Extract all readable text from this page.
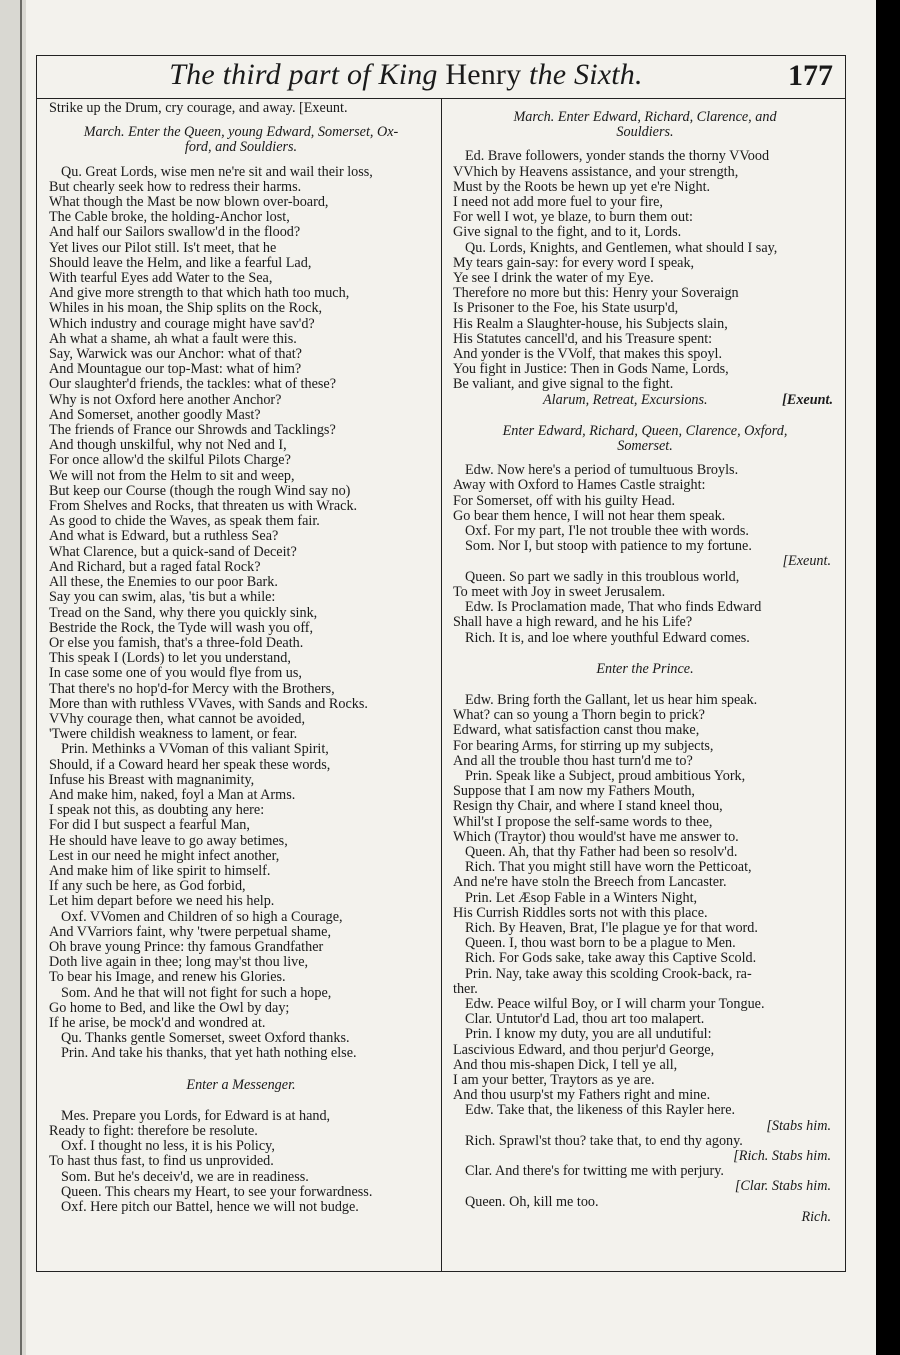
The third part of King Henry the Sixth.	177
Strike up the Drum, cry courage, and away. [Exeunt.
March. Enter the Queen, young Edward, Somerset, Ox-
ford, and Souldiers.
Qu. Great Lords, wise men ne're sit and wail their loss,
But chearly seek how to redress their harms.
What though the Mast be now blown over-board,
The Cable broke, the holding-Anchor lost,
And half our Sailors swallow'd in the flood?
Yet lives our Pilot still. Is't meet, that he
Should leave the Helm, and like a fearful Lad,
With tearful Eyes add Water to the Sea,
And give more strength to that which hath too much,
Whiles in his moan, the Ship splits on the Rock,
Which industry and courage might have sav'd?
Ah what a shame, ah what a fault were this.
Say, Warwick was our Anchor: what of that?
And Mountague our top-Mast: what of him?
Our slaughter'd friends, the tackles: what of these?
Why is not Oxford here another Anchor?
And Somerset, another goodly Mast?
The friends of France our Shrowds and Tacklings?
And though unskilful, why not Ned and I,
For once allow'd the skilful Pilots Charge?
We will not from the Helm to sit and weep,
But keep our Course (though the rough Wind say no)
From Shelves and Rocks, that threaten us with Wrack.
As good to chide the Waves, as speak them fair.
And what is Edward, but a ruthless Sea?
What Clarence, but a quick-sand of Deceit?
And Richard, but a raged fatal Rock?
All these, the Enemies to our poor Bark.
Say you can swim, alas, 'tis but a while:
Tread on the Sand, why there you quickly sink,
Bestride the Rock, the Tyde will wash you off,
Or else you famish, that's a three-fold Death.
This speak I (Lords) to let you understand,
In case some one of you would flye from us,
That there's no hop'd-for Mercy with the Brothers,
More than with ruthless VVaves, with Sands and Rocks.
VVhy courage then, what cannot be avoided,
'Twere childish weakness to lament, or fear.
Prin. Methinks a VVoman of this valiant Spirit,
Should, if a Coward heard her speak these words,
Infuse his Breast with magnanimity,
And make him, naked, foyl a Man at Arms.
I speak not this, as doubting any here:
For did I but suspect a fearful Man,
He should have leave to go away betimes,
Lest in our need he might infect another,
And make him of like spirit to himself.
If any such be here, as God forbid,
Let him depart before we need his help.
Oxf. VVomen and Children of so high a Courage,
And VVarriors faint, why 'twere perpetual shame,
Oh brave young Prince: thy famous Grandfather
Doth live again in thee; long may'st thou live,
To bear his Image, and renew his Glories.
Som. And he that will not fight for such a hope,
Go home to Bed, and like the Owl by day;
If he arise, be mock'd and wondred at.
Qu. Thanks gentle Somerset, sweet Oxford thanks.
Prin. And take his thanks, that yet hath nothing else.
Enter a Messenger.
Mes. Prepare you Lords, for Edward is at hand,
Ready to fight: therefore be resolute.
Oxf. I thought no less, it is his Policy,
To hast thus fast, to find us unprovided.
Som. But he's deceiv'd, we are in readiness.
Queen. This chears my Heart, to see your forwardness.
Oxf. Here pitch our Battel, hence we will not budge.
March. Enter Edward, Richard, Clarence, and
Souldiers.
Ed. Brave followers, yonder stands the thorny VVood
VVhich by Heavens assistance, and your strength,
Must by the Roots be hewn up yet e're Night.
I need not add more fuel to your fire,
For well I wot, ye blaze, to burn them out:
Give signal to the fight, and to it, Lords.
Qu. Lords, Knights, and Gentlemen, what should I say,
My tears gain-say: for every word I speak,
Ye see I drink the water of my Eye.
Therefore no more but this: Henry your Soveraign
Is Prisoner to the Foe, his State usurp'd,
His Realm a Slaughter-house, his Subjects slain,
His Statutes cancell'd, and his Treasure spent:
And yonder is the VVolf, that makes this spoyl.
You fight in Justice: Then in Gods Name, Lords,
Be valiant, and give signal to the fight.
Alarum, Retreat, Excursions.	[Exeunt.

Enter Edward, Richard, Queen, Clarence, Oxford,
Somerset.
Edw. Now here's a period of tumultuous Broyls.
Away with Oxford to Hames Castle straight:
For Somerset, off with his guilty Head.
Go bear them hence, I will not hear them speak.
Oxf. For my part, I'le not trouble thee with words.
Som. Nor I, but stoop with patience to my fortune.
[Exeunt.
Queen. So part we sadly in this troublous world,
To meet with Joy in sweet Jerusalem.
Edw. Is Proclamation made, That who finds Edward
Shall have a high reward, and he his Life?
Rich. It is, and loe where youthful Edward comes.
Enter the Prince.
Edw. Bring forth the Gallant, let us hear him speak.
What? can so young a Thorn begin to prick?
Edward, what satisfaction canst thou make,
For bearing Arms, for stirring up my subjects,
And all the trouble thou hast turn'd me to?
Prin. Speak like a Subject, proud ambitious York,
Suppose that I am now my Fathers Mouth,
Resign thy Chair, and where I stand kneel thou,
Whil'st I propose the self-same words to thee,
Which (Traytor) thou would'st have me answer to.
Queen. Ah, that thy Father had been so resolv'd.
Rich. That you might still have worn the Petticoat,
And ne're have stoln the Breech from Lancaster.
Prin. Let Æsop Fable in a Winters Night,
His Currish Riddles sorts not with this place.
Rich. By Heaven, Brat, I'le plague ye for that word.
Queen. I, thou wast born to be a plague to Men.
Rich. For Gods sake, take away this Captive Scold.
Prin. Nay, take away this scolding Crook-back, ra-
ther.
Edw. Peace wilful Boy, or I will charm your Tongue.
Clar. Untutor'd Lad, thou art too malapert.
Prin. I know my duty, you are all undutiful:
Lascivious Edward, and thou perjur'd George,
And thou mis-shapen Dick, I tell ye all,
I am your better, Traytors as ye are.
And thou usurp'st my Fathers right and mine.
Edw. Take that, the likeness of this Rayler here.
[Stabs him.
Rich. Sprawl'st thou? take that, to end thy agony.
[Rich. Stabs him.
Clar. And there's for twitting me with perjury.
[Clar. Stabs him.
Queen. Oh, kill me too.
Rich.
